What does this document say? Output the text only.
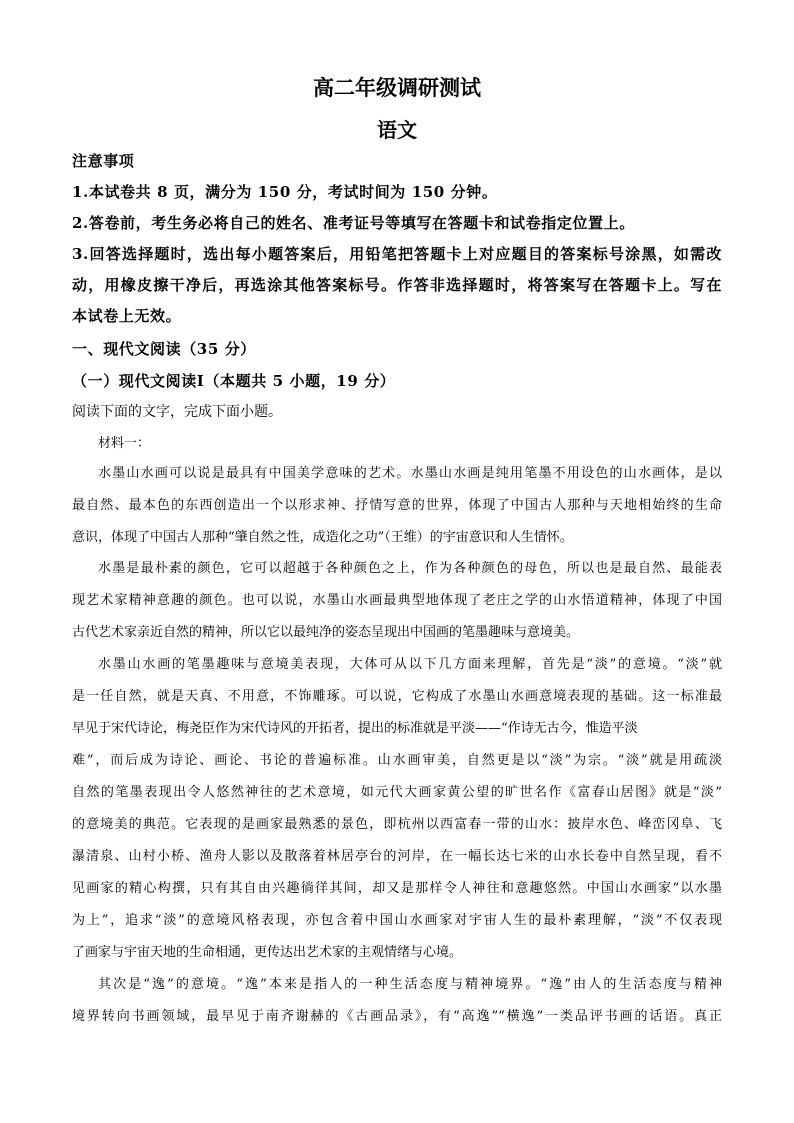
高二年级调研测试
语文
注意事项
1.本试卷共 8 页，满分为 150 分，考试时间为 150 分钟。
2.答卷前，考生务必将自己的姓名、准考证号等填写在答题卡和试卷指定位置上。
3.回答选择题时，选出每小题答案后，用铅笔把答题卡上对应题目的答案标号涂黑，如需改
动，用橡皮擦干净后，再选涂其他答案标号。作答非选择题时，将答案写在答题卡上。写在
本试卷上无效。
一、现代文阅读（35 分）
（一）现代文阅读Ⅰ（本题共 5 小题，19 分）
阅读下面的文字，完成下面小题。
材料一：
水墨山水画可以说是最具有中国美学意味的艺术。水墨山水画是纯用笔墨不用设色的山水画体，是以
最自然、最本色的东西创造出一个以形求神、抒情写意的世界，体现了中国古人那种与天地相始终的生命
意识，体现了中国古人那种“肇自然之性，成造化之功”（王维）的宇宙意识和人生情怀。
水墨是最朴素的颜色，它可以超越于各种颜色之上，作为各种颜色的母色，所以也是最自然、最能表
现艺术家精神意趣的颜色。也可以说，水墨山水画最典型地体现了老庄之学的山水悟道精神，体现了中国
古代艺术家亲近自然的精神，所以它以最纯净的姿态呈现出中国画的笔墨趣味与意境美。
水墨山水画的笔墨趣味与意境美表现，大体可从以下几方面来理解，首先是“淡”的意境。“淡”就
是一任自然，就是天真、不用意，不饰雕琢。可以说，它构成了水墨山水画意境表现的基础。这一标准最
早见于宋代诗论，梅尧臣作为宋代诗风的开拓者，提出的标准就是平淡——“作诗无古今，惟造平淡
难”，而后成为诗论、画论、书论的普遍标准。山水画审美，自然更是以“淡”为宗。“淡”就是用疏淡
自然的笔墨表现出令人悠然神往的艺术意境，如元代大画家黄公望的旷世名作《富春山居图》就是“淡”
的意境美的典范。它表现的是画家最熟悉的景色，即杭州以西富春一带的山水：披岸水色、峰峦冈阜、飞
瀑清泉、山村小桥、渔舟人影以及散落着林居亭台的河岸，在一幅长达七米的山水长卷中自然呈现，看不
见画家的精心构撰，只有其自由兴趣徜徉其间，却又是那样令人神往和意趣悠然。中国山水画家“以水墨
为上”，追求“淡”的意境风格表现，亦包含着中国山水画家对宇宙人生的最朴素理解，“淡”不仅表现
了画家与宇宙天地的生命相通，更传达出艺术家的主观情绪与心境。
其次是“逸”的意境。“逸”本来是指人的一种生活态度与精神境界。“逸”由人的生活态度与精神
境界转向书画领域，最早见于南齐谢赫的《古画品录》，有“高逸”“横逸”一类品评书画的话语。真正
